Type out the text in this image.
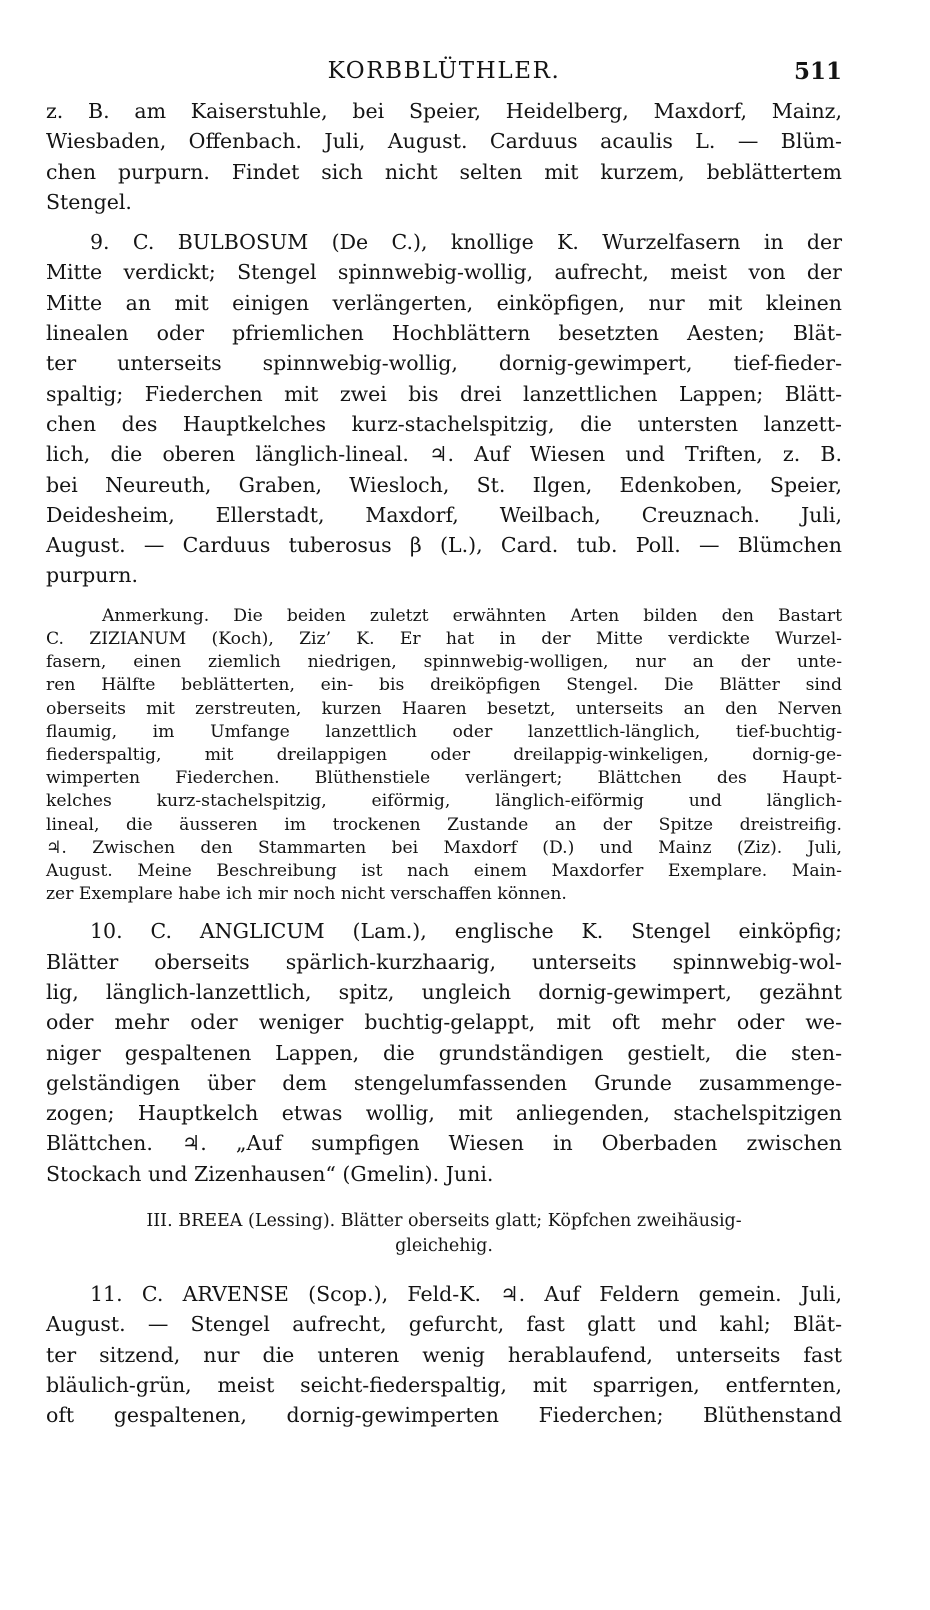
KORBBLÜTHLER.	511
z. B. am Kaiserstuhle, bei Speier, Heidelberg, Maxdorf, Mainz,
Wiesbaden, Offenbach. Juli, August. Carduus acaulis L. — Blüm-
chen purpurn. Findet sich nicht selten mit kurzem, beblättertem
Stengel.
9. C. BULBOSUM (De C.), knollige K. Wurzelfasern in der
Mitte verdickt; Stengel spinnwebig-wollig, aufrecht, meist von der
Mitte an mit einigen verlängerten, einköpfigen, nur mit kleinen
linealen oder pfriemlichen Hochblättern besetzten Aesten; Blät-
ter unterseits spinnwebig-wollig, dornig-gewimpert, tief-fieder-
spaltig; Fiederchen mit zwei bis drei lanzettlichen Lappen; Blätt-
chen des Hauptkelches kurz-stachelspitzig, die untersten lanzett-
lich, die oberen länglich-lineal. ♃. Auf Wiesen und Triften, z. B.
bei Neureuth, Graben, Wiesloch, St. Ilgen, Edenkoben, Speier,
Deidesheim, Ellerstadt, Maxdorf, Weilbach, Creuznach. Juli,
August. — Carduus tuberosus β (L.), Card. tub. Poll. — Blümchen
purpurn.
Anmerkung. Die beiden zuletzt erwähnten Arten bilden den Bastart
C. ZIZIANUM (Koch), Ziz’ K. Er hat in der Mitte verdickte Wurzel-
fasern, einen ziemlich niedrigen, spinnwebig-wolligen, nur an der unte-
ren Hälfte beblätterten, ein- bis dreiköpfigen Stengel. Die Blätter sind
oberseits mit zerstreuten, kurzen Haaren besetzt, unterseits an den Nerven
flaumig, im Umfange lanzettlich oder lanzettlich-länglich, tief-buchtig-
fiederspaltig, mit dreilappigen oder dreilappig-winkeligen, dornig-ge-
wimperten Fiederchen. Blüthenstiele verlängert; Blättchen des Haupt-
kelches kurz-stachelspitzig, eiförmig, länglich-eiförmig und länglich-
lineal, die äusseren im trockenen Zustande an der Spitze dreistreifig.
♃. Zwischen den Stammarten bei Maxdorf (D.) und Mainz (Ziz). Juli,
August. Meine Beschreibung ist nach einem Maxdorfer Exemplare. Main-
zer Exemplare habe ich mir noch nicht verschaffen können.
10. C. ANGLICUM (Lam.), englische K. Stengel einköpfig;
Blätter oberseits spärlich-kurzhaarig, unterseits spinnwebig-wol-
lig, länglich-lanzettlich, spitz, ungleich dornig-gewimpert, gezähnt
oder mehr oder weniger buchtig-gelappt, mit oft mehr oder we-
niger gespaltenen Lappen, die grundständigen gestielt, die sten-
gelständigen über dem stengelumfassenden Grunde zusammenge-
zogen; Hauptkelch etwas wollig, mit anliegenden, stachelspitzigen
Blättchen. ♃. „Auf sumpfigen Wiesen in Oberbaden zwischen
Stockach und Zizenhausen“ (Gmelin). Juni.
III. BREEA (Lessing). Blätter oberseits glatt; Köpfchen zweihäusig-
gleichehig.
11. C. ARVENSE (Scop.), Feld-K. ♃. Auf Feldern gemein. Juli,
August. — Stengel aufrecht, gefurcht, fast glatt und kahl; Blät-
ter sitzend, nur die unteren wenig herablaufend, unterseits fast
bläulich-grün, meist seicht-fiederspaltig, mit sparrigen, entfernten,
oft gespaltenen, dornig-gewimperten Fiederchen; Blüthenstand
